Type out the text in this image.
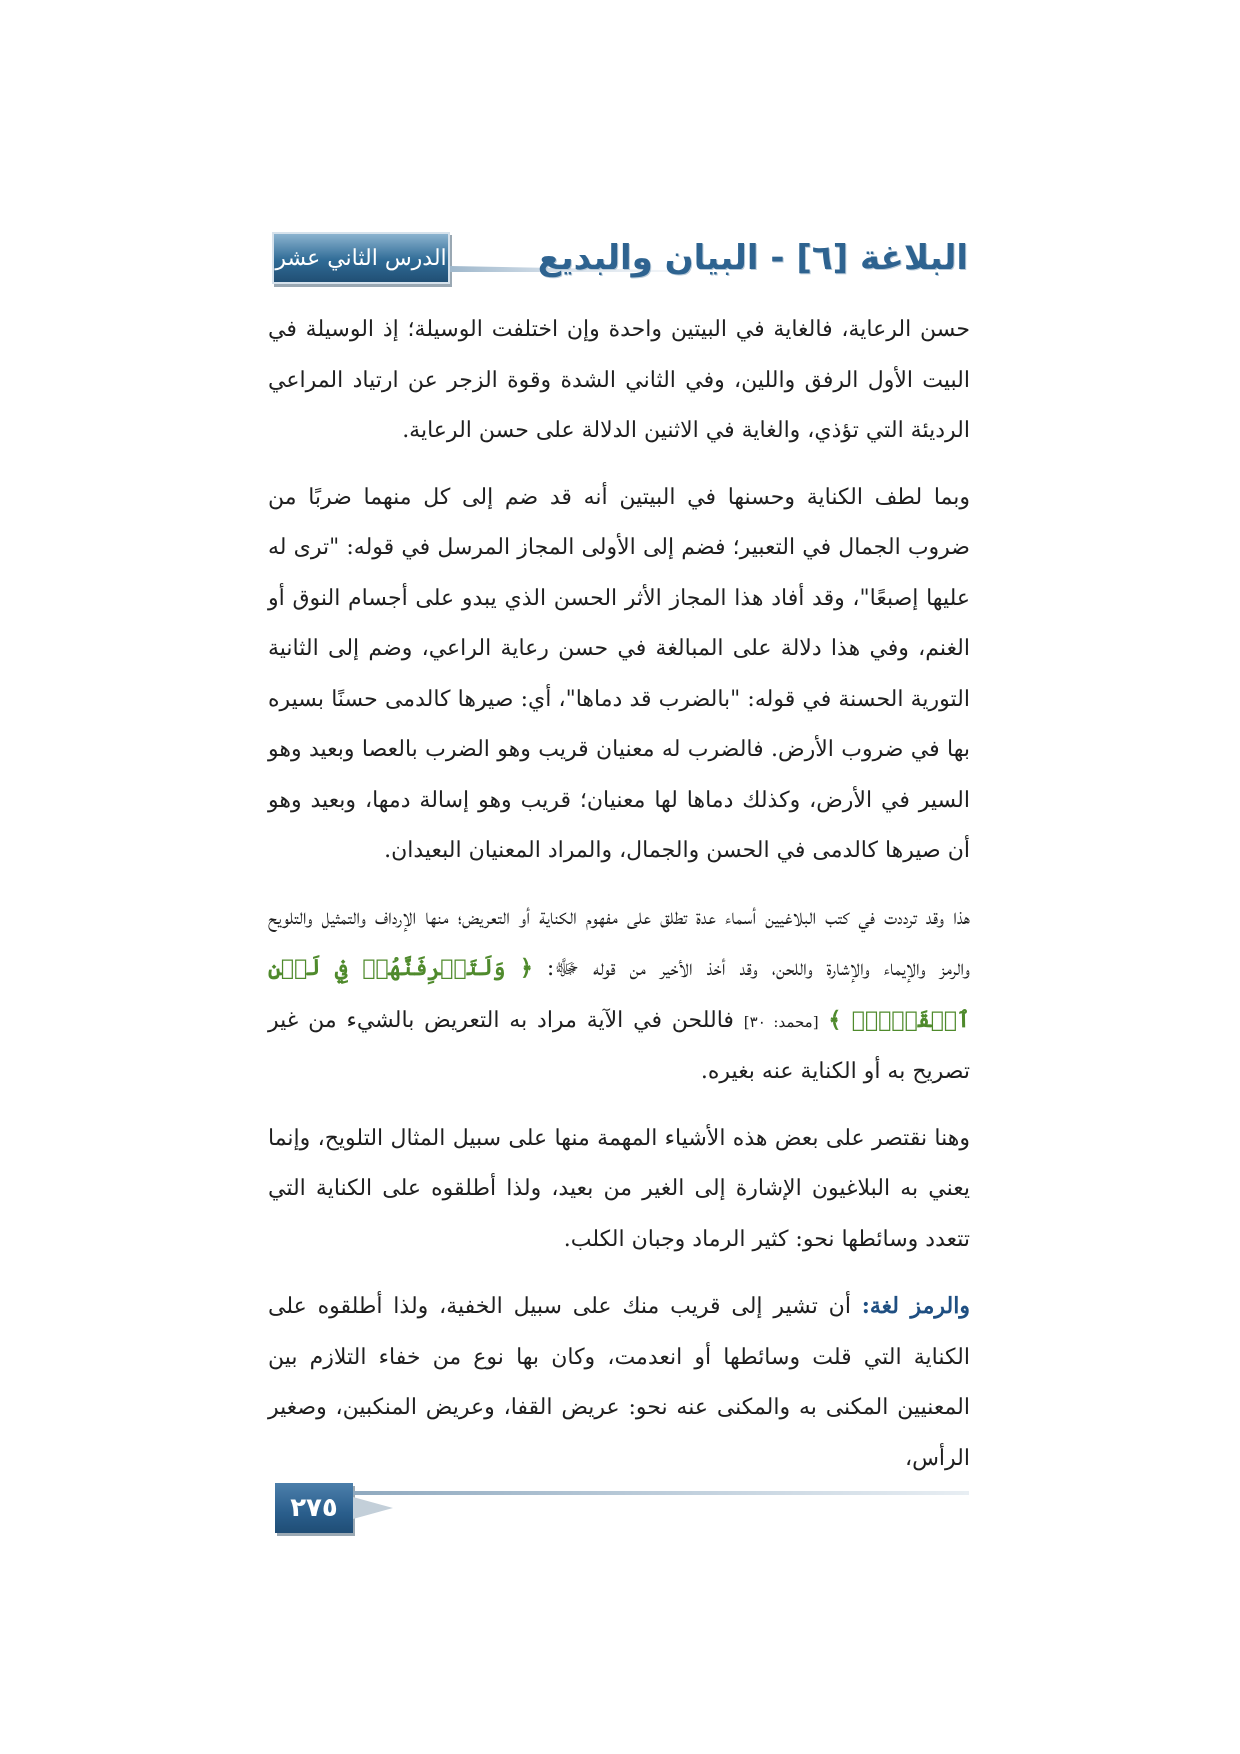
الدرس الثاني عشر	البلاغة [٦] - البيان والبديع

حسن الرعاية، فالغاية في البيتين واحدة وإن اختلفت الوسيلة؛ إذ الوسيلة في البيت الأول الرفق واللين، وفي الثاني الشدة وقوة الزجر عن ارتياد المراعي الرديئة التي تؤذي، والغاية في الاثنين الدلالة على حسن الرعاية.

وبما لطف الكناية وحسنها في البيتين أنه قد ضم إلى كل منهما ضربًا من ضروب الجمال في التعبير؛ فضم إلى الأولى المجاز المرسل في قوله: "ترى له عليها إصبعًا"، وقد أفاد هذا المجاز الأثر الحسن الذي يبدو على أجسام النوق أو الغنم، وفي هذا دلالة على المبالغة في حسن رعاية الراعي، وضم إلى الثانية التورية الحسنة في قوله: "بالضرب قد دماها"، أي: صيرها كالدمى حسنًا بسيره بها في ضروب الأرض. فالضرب له معنيان قريب وهو الضرب بالعصا وبعيد وهو السير في الأرض، وكذلك دماها لها معنيان؛ قريب وهو إسالة دمها، وبعيد وهو أن صيرها كالدمى في الحسن والجمال، والمراد المعنيان البعيدان.

هذا وقد ترددت في كتب البلاغيين أسماء عدة تطلق على مفهوم الكناية أو التعريض؛ منها الإرداف والتمثيل والتلويح والرمز والإيماء والإشارة واللحن، وقد أخذ الأخير من قوله ﷻ: ﴿ وَلَتَعۡرِفَنَّهُمۡ فِي لَحۡنِ ٱلۡقَوۡلِۚ ﴾ [محمد: ٣٠] فاللحن في الآية مراد به التعريض بالشيء من غير تصريح به أو الكناية عنه بغيره.

وهنا نقتصر على بعض هذه الأشياء المهمة منها على سبيل المثال التلويح، وإنما يعني به البلاغيون الإشارة إلى الغير من بعيد، ولذا أطلقوه على الكناية التي تتعدد وسائطها نحو: كثير الرماد وجبان الكلب.

والرمز لغة: أن تشير إلى قريب منك على سبيل الخفية، ولذا أطلقوه على الكناية التي قلت وسائطها أو انعدمت، وكان بها نوع من خفاء التلازم بين المعنيين المكنى به والمكنى عنه نحو: عريض القفا، وعريض المنكبين، وصغير الرأس،

٢٧٥
